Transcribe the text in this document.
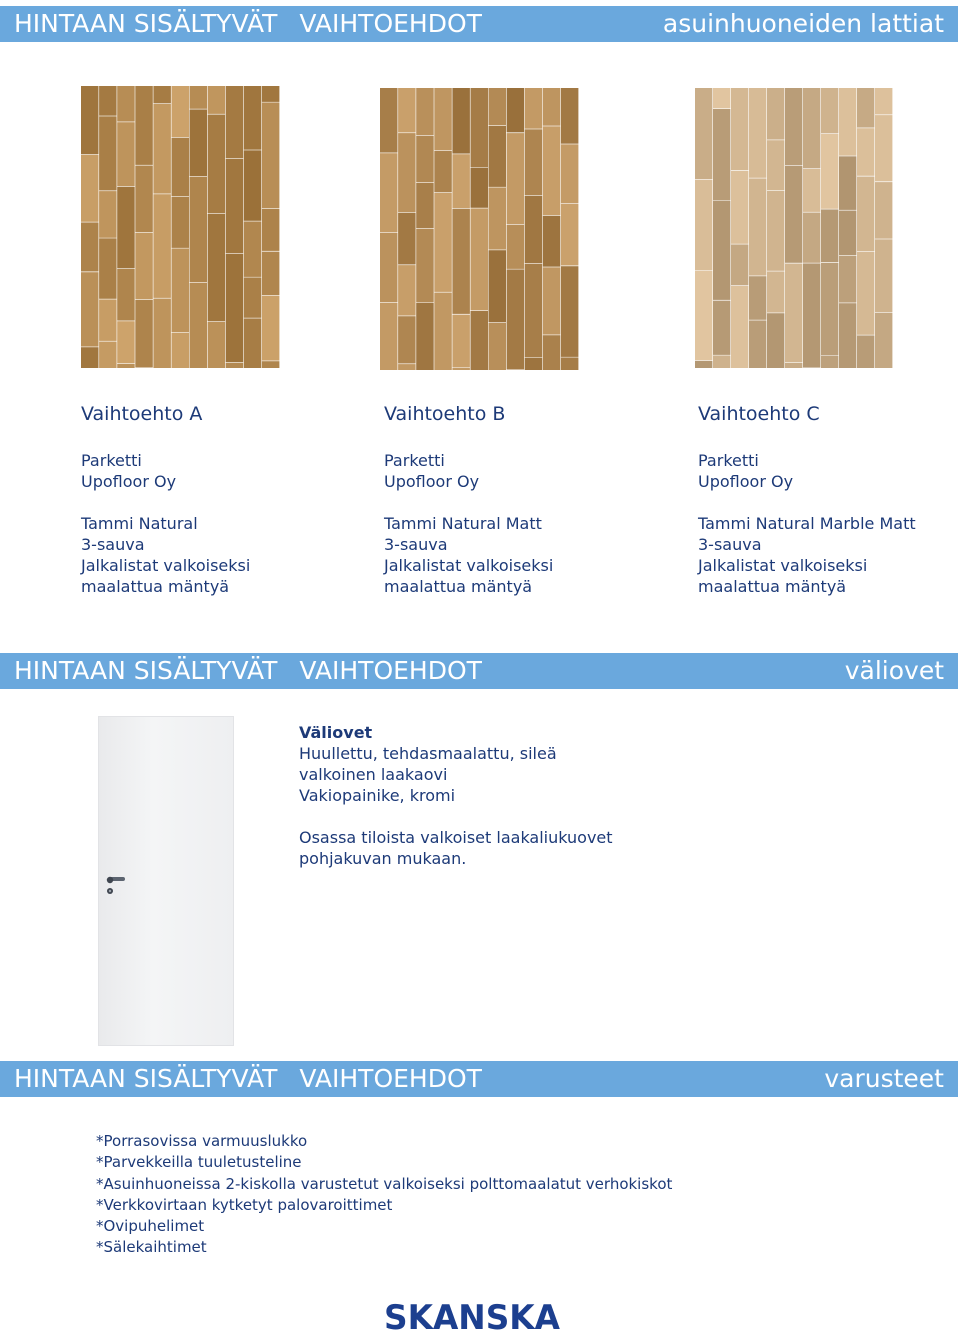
HINTAAN SISÄLTYVÄT VAIHTOEHDOT	asuinhuoneiden lattiat
Vaihtoehto A
Parketti
Upofloor Oy
Tammi Natural
3-sauva
Jalkalistat valkoiseksi
maalattua mäntyä
Vaihtoehto B
Parketti
Upofloor Oy
Tammi Natural Matt
3-sauva
Jalkalistat valkoiseksi
maalattua mäntyä
Vaihtoehto C
Parketti
Upofloor Oy
Tammi Natural Marble Matt
3-sauva
Jalkalistat valkoiseksi
maalattua mäntyä
HINTAAN SISÄLTYVÄT VAIHTOEHDOT	väliovet
Väliovet
Huullettu, tehdasmaalattu, sileä
valkoinen laakaovi
Vakiopainike, kromi
Osassa tiloista valkoiset laakaliukuovet
pohjakuvan mukaan.
HINTAAN SISÄLTYVÄT VAIHTOEHDOT	varusteet
*Porrasovissa varmuuslukko
*Parvekkeilla tuuletusteline
*Asuinhuoneissa 2-kiskolla varustetut valkoiseksi polttomaalatut verhokiskot
*Verkkovirtaan kytketyt palovaroittimet
*Ovipuhelimet
*Sälekaihtimet
SKANSKA
